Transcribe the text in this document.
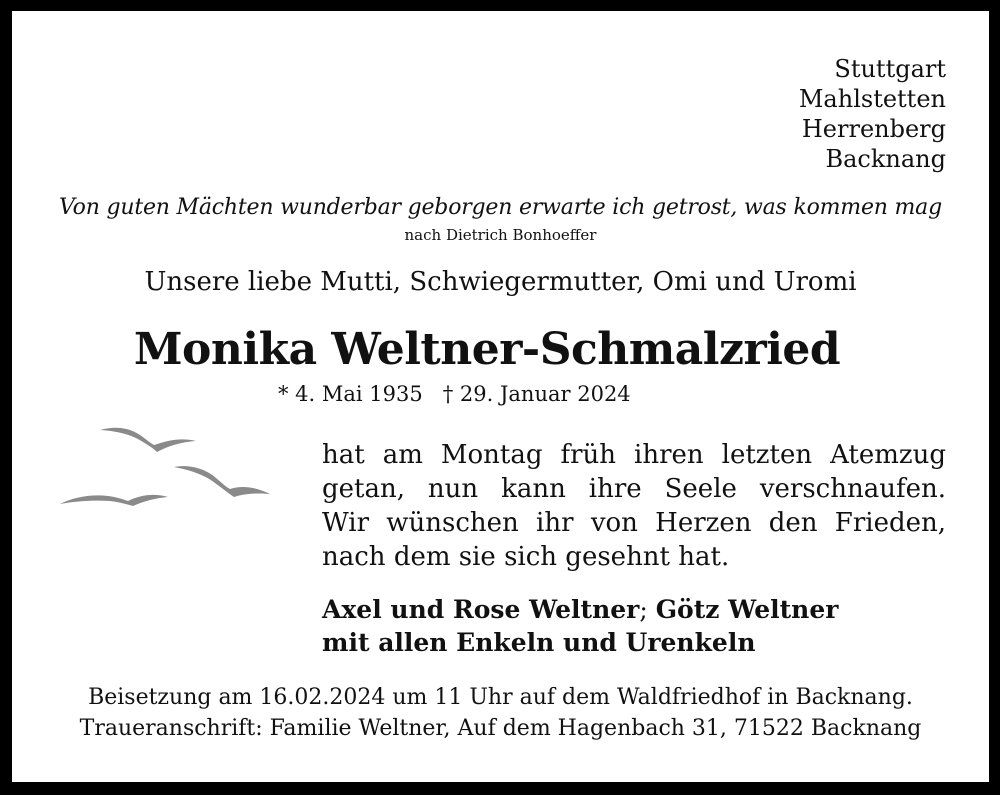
Stuttgart
Mahlstetten
Herrenberg
Backnang
Von guten Mächten wunderbar geborgen erwarte ich getrost, was kommen mag
nach Dietrich Bonhoeffer
Unsere liebe Mutti, Schwiegermutter, Omi und Uromi
Monika Weltner-Schmalzried
* 4. Mai 1935 † 29. Januar 2024
hat am Montag früh ihren letzten Atemzug
getan, nun kann ihre Seele verschnaufen.
Wir wünschen ihr von Herzen den Frieden,
nach dem sie sich gesehnt hat.
Axel und Rose Weltner; Götz Weltner
mit allen Enkeln und Urenkeln
Beisetzung am 16.02.2024 um 11 Uhr auf dem Waldfriedhof in Backnang.
Traueranschrift: Familie Weltner, Auf dem Hagenbach 31, 71522 Backnang
